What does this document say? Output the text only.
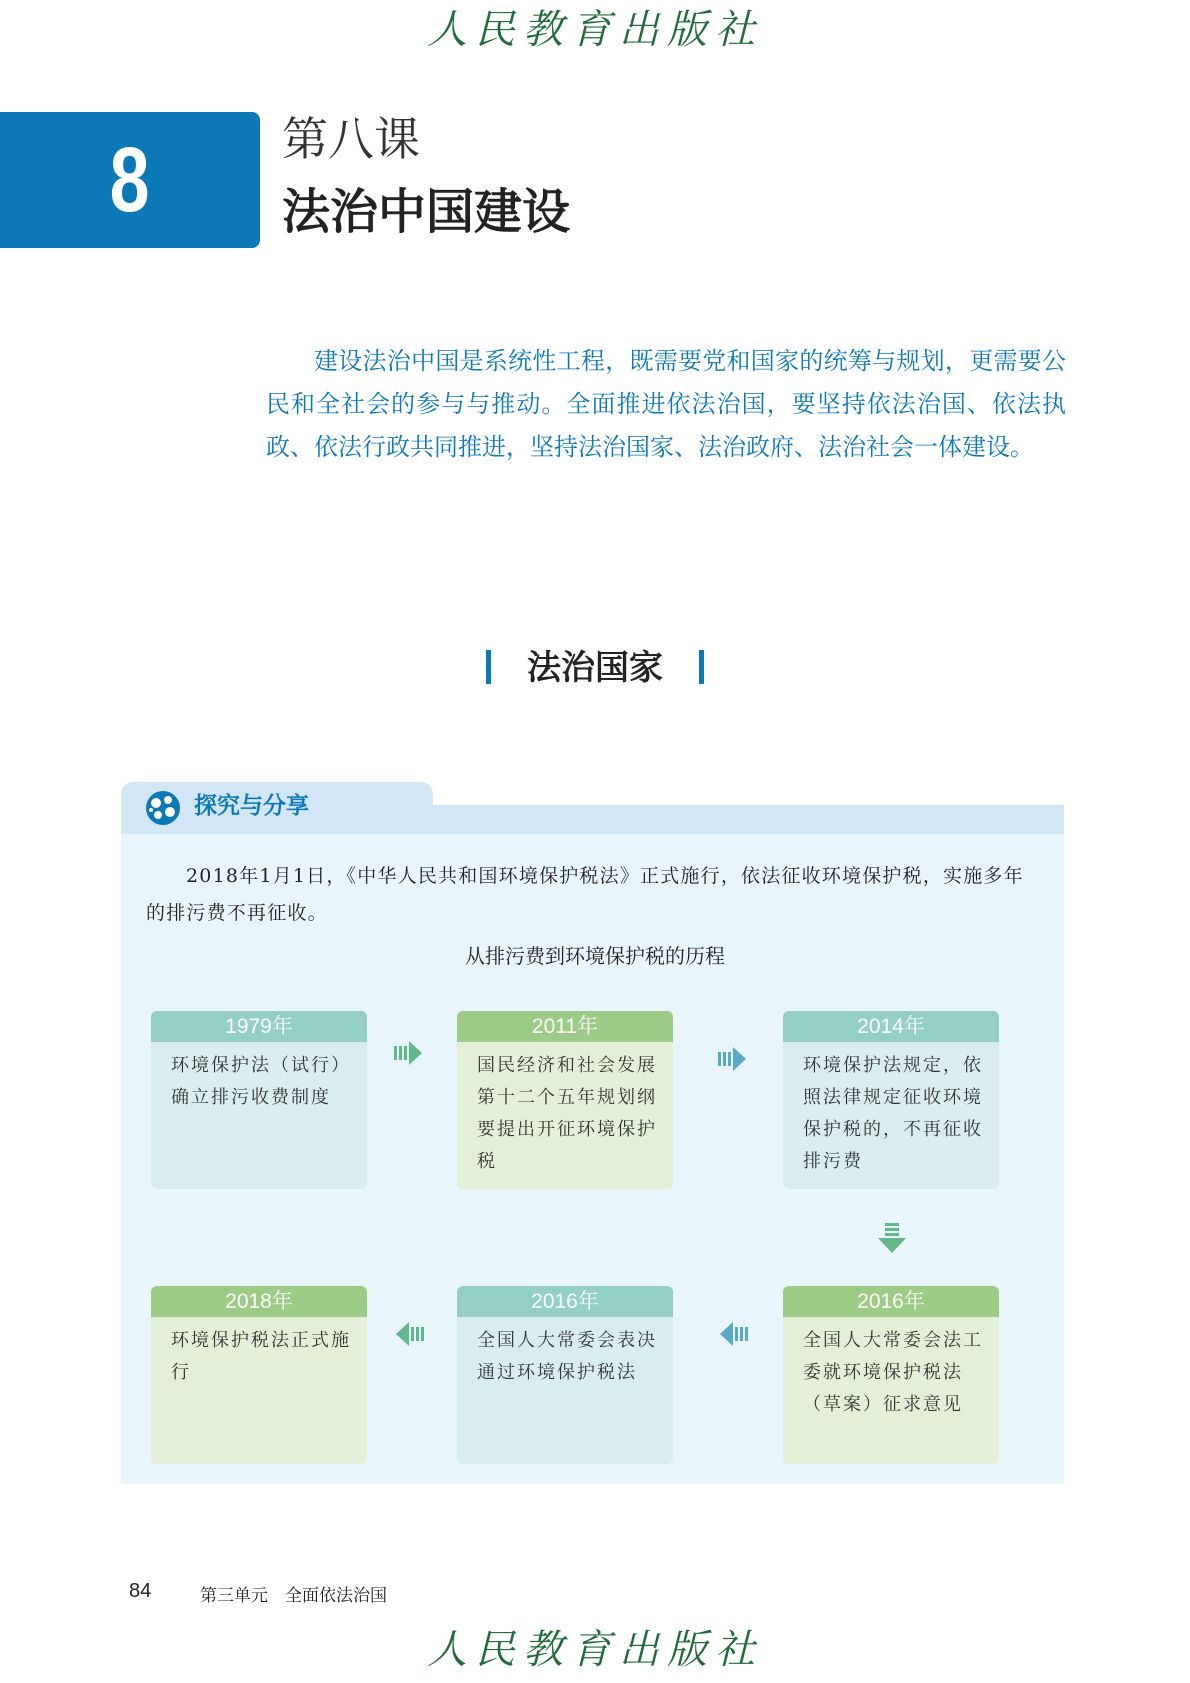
人民教育出版社
8	第八课
法治中国建设
建设法治中国是系统性工程，既需要党和国家的统筹与规划，更需要公民和全社会的参与与推动。全面推进依法治国，要坚持依法治国、依法执政、依法行政共同推进，坚持法治国家、法治政府、法治社会一体建设。
法治国家
探究与分享
2018年1月1日，《中华人民共和国环境保护税法》正式施行，依法征收环境保护税，实施多年的排污费不再征收。
从排污费到环境保护税的历程
1979年
环境保护法（试行）确立排污收费制度
2011年
国民经济和社会发展第十二个五年规划纲要提出开征环境保护税
2014年
环境保护法规定，依照法律规定征收环境保护税的，不再征收排污费
2016年
全国人大常委会法工委就环境保护税法（草案）征求意见
2016年
全国人大常委会表决通过环境保护税法
2018年
环境保护税法正式施行
84	第三单元　全面依法治国
人民教育出版社
